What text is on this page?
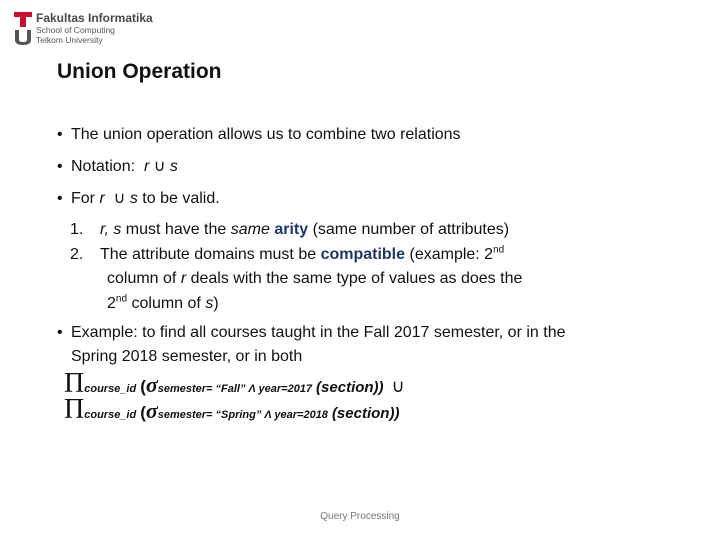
Fakultas Informatika
School of Computing
Telkom University
Union Operation
• The union operation allows us to combine two relations
• Notation: r ∪ s
• For r ∪ s to be valid.
1. r, s must have the same arity (same number of attributes)
2. The attribute domains must be compatible (example: 2nd
column of r deals with the same type of values as does the
2nd column of s)
• Example: to find all courses taught in the Fall 2017 semester, or in the
Spring 2018 semester, or in both
Πcourse_id (σsemester= “Fall” Λ year=2017 (section)) ∪
Πcourse_id (σsemester= “Spring” Λ year=2018 (section))
Query Processing
